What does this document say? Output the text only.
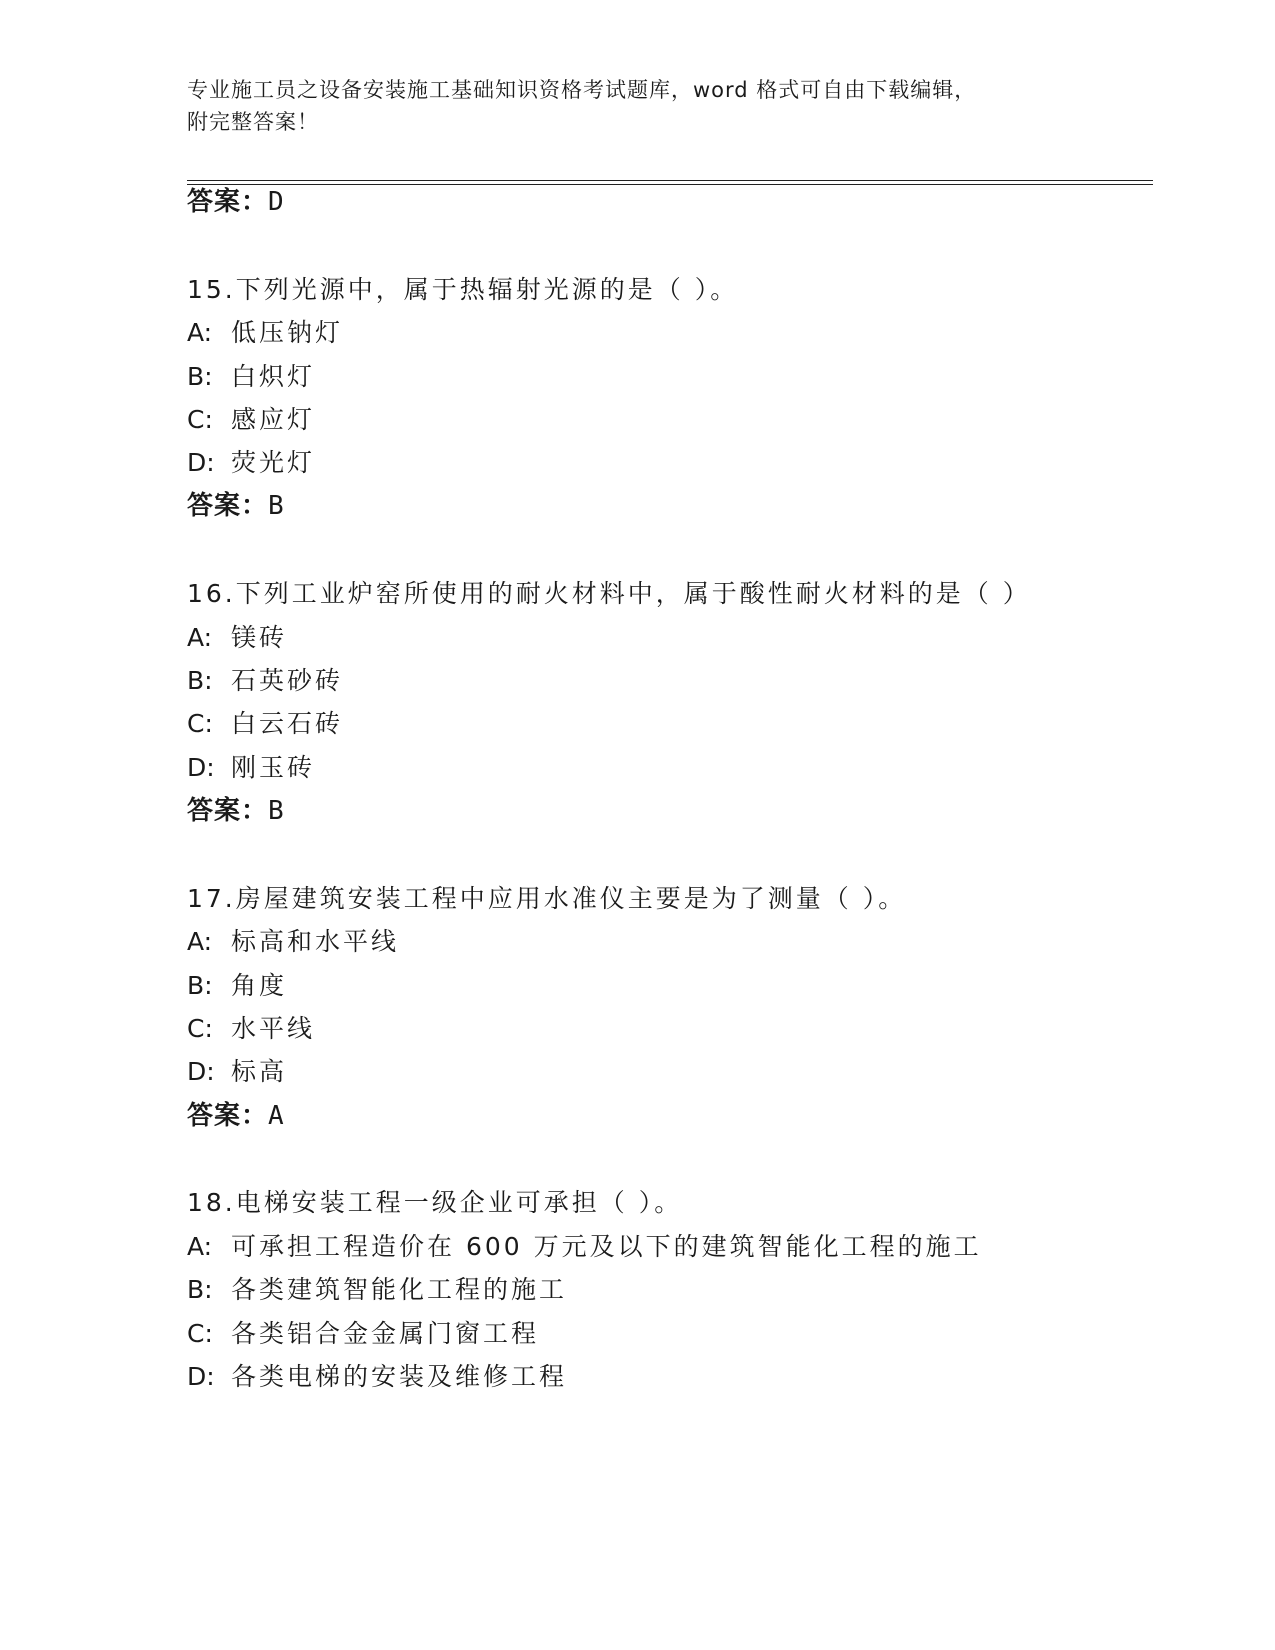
专业施工员之设备安装施工基础知识资格考试题库，word 格式可自由下载编辑，
附完整答案！
答案：D
15.下列光源中，属于热辐射光源的是（ ）。
A: 低压钠灯
B: 白炽灯
C: 感应灯
D: 荧光灯
答案：B
16.下列工业炉窑所使用的耐火材料中，属于酸性耐火材料的是（ ）
A: 镁砖
B: 石英砂砖
C: 白云石砖
D: 刚玉砖
答案：B
17.房屋建筑安装工程中应用水准仪主要是为了测量（ ）。
A: 标高和水平线
B: 角度
C: 水平线
D: 标高
答案：A
18.电梯安装工程一级企业可承担（ ）。
A: 可承担工程造价在 600 万元及以下的建筑智能化工程的施工
B: 各类建筑智能化工程的施工
C: 各类铝合金金属门窗工程
D: 各类电梯的安装及维修工程
